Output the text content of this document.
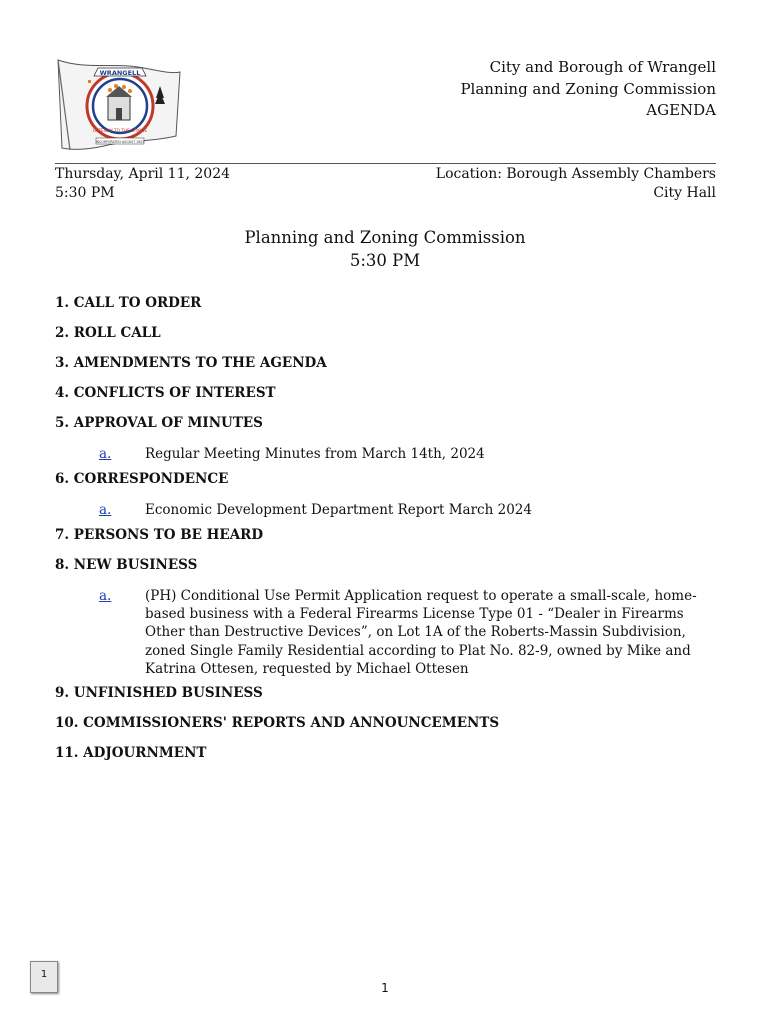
WRANGELL
GATEWAY TO THE STIKINE
INCORPORATED AUGUST 1903
City and Borough of Wrangell
Planning and Zoning Commission
AGENDA
Thursday, April 11, 2024
5:30 PM
Location: Borough Assembly Chambers
City Hall
Planning and Zoning Commission
5:30 PM
1. CALL TO ORDER
2. ROLL CALL
3. AMENDMENTS TO THE AGENDA
4. CONFLICTS OF INTEREST
5. APPROVAL OF MINUTES
a. Regular Meeting Minutes from March 14th, 2024
6. CORRESPONDENCE
a. Economic Development Department Report March 2024
7. PERSONS TO BE HEARD
8. NEW BUSINESS
a. (PH) Conditional Use Permit Application request to operate a small-scale, home-based business with a Federal Firearms License Type 01 - “Dealer in Firearms Other than Destructive Devices”, on Lot 1A of the Roberts-Massin Subdivision, zoned Single Family Residential according to Plat No. 82-9, owned by Mike and Katrina Ottesen, requested by Michael Ottesen
9. UNFINISHED BUSINESS
10. COMMISSIONERS' REPORTS AND ANNOUNCEMENTS
11. ADJOURNMENT
1
1
